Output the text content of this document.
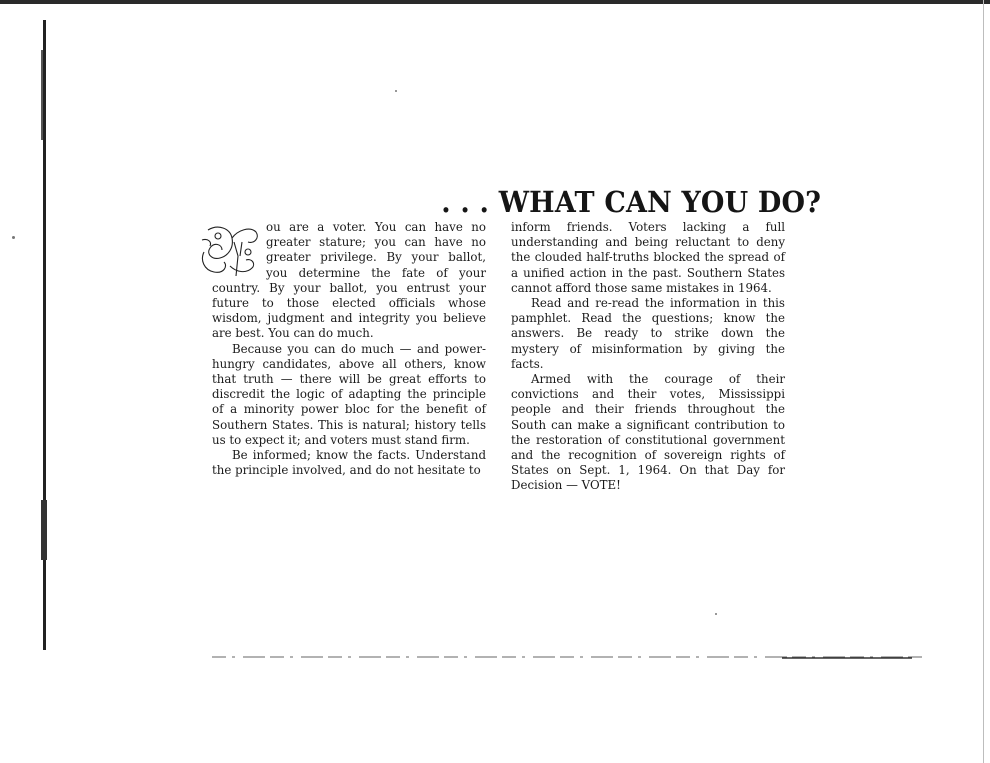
. . . WHAT CAN YOU DO?

ou are a voter. You can have no greater stature; you can have no greater privilege. By your ballot, you determine the fate of your country. By your ballot, you entrust your future to those elected officials whose wisdom, judgment and integrity you believe are best. You can do much.

Because you can do much — and power-hungry candidates, above all others, know that truth — there will be great efforts to discredit the logic of adapting the principle of a minority power bloc for the benefit of Southern States. This is natural; history tells us to expect it; and voters must stand firm.

Be informed; know the facts. Understand the principle involved, and do not hesitate to

inform friends. Voters lacking a full understanding and being reluctant to deny the clouded half-truths blocked the spread of a unified action in the past. Southern States cannot afford those same mistakes in 1964.

Read and re-read the information in this pamphlet. Read the questions; know the answers. Be ready to strike down the mystery of misinformation by giving the facts.

Armed with the courage of their convictions and their votes, Mississippi people and their friends throughout the South can make a significant contribution to the restoration of constitutional government and the recognition of sovereign rights of States on Sept. 1, 1964. On that Day for Decision — VOTE!
